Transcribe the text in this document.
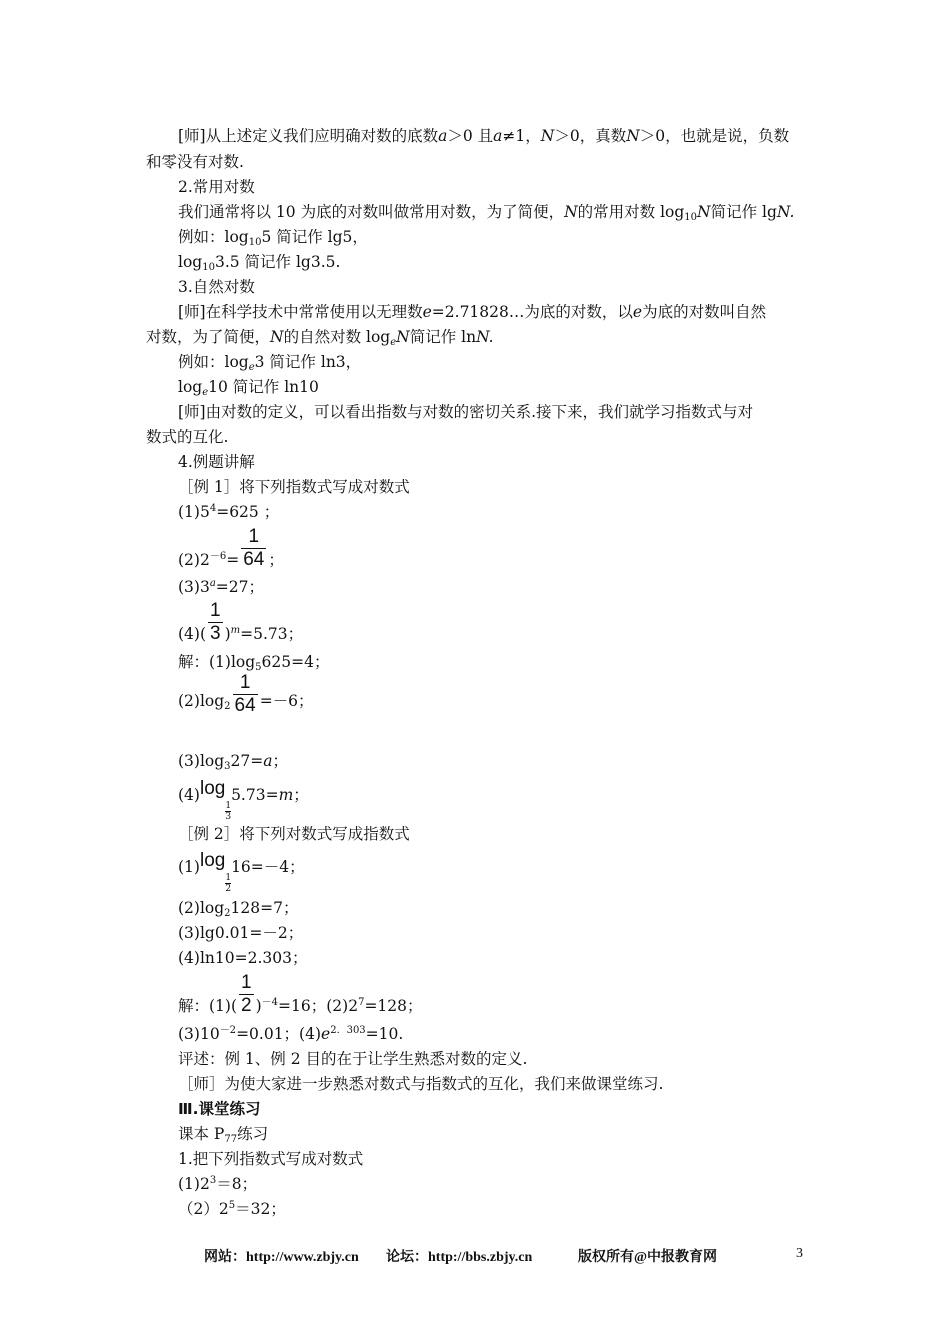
[师]从上述定义我们应明确对数的底数a＞0 且a≠1，N＞0，真数N＞0，也就是说，负数
和零没有对数.
2.常用对数
我们通常将以 10 为底的对数叫做常用对数，为了简便，N的常用对数 $\log_{10}N$简记作 lgN.
例如：$\log_{10}5$ 简记作 lg5，
$\log_{10}3.5$ 简记作 lg3.5.
3.自然对数
[师]在科学技术中常常使用以无理数e=2.71828…为底的对数，以e为底的对数叫自然
对数，为了简便，N的自然对数 $\log_eN$简记作 lnN.
例如：$\log_e3$ 简记作 ln3，
$\log_e10$ 简记作 ln10
[师]由对数的定义，可以看出指数与对数的密切关系.接下来，我们就学习指数式与对
数式的互化.
4.例题讲解
［例 1］将下列指数式写成对数式
$(1)5^4=625$ ；
$(2)2^{-6}= \frac{1}{64}$ ；
$(3)3^a=27$；
$(4)( \frac{1}{3} )^m=5.73$；
解：$(1)\log_5625=4$；
$(2)\log_2 \frac{1}{64} =-6$；
$(3)\log_327=a$；
(4)log
$\frac{1}{3}$
5.73=m；
［例 2］将下列对数式写成指数式
(1)log
$\frac{1}{2}$
16=－4；
$(2)\log_2128=7$；
(3)lg0.01=－2；
(4)ln10=2.303；
解：$(1)( \frac{1}{2} )^{-4}=16$；$(2)2^7=128$；
$(3)10^{-2}=0.01$；$(4)e^{2.303}=10$.
评述：例 1、例 2 目的在于让学生熟悉对数的定义.
［师］为使大家进一步熟悉对数式与指数式的互化，我们来做课堂练习.
Ⅲ.课堂练习
课本 $P_{77}$练习
1.把下列指数式写成对数式
$(1)2^3=8$；
$(2)2^5=32$；
网站：http://www.zbjy.cn 论坛：http://bbs.zbjy.cn	版权所有@中报教育网	3
